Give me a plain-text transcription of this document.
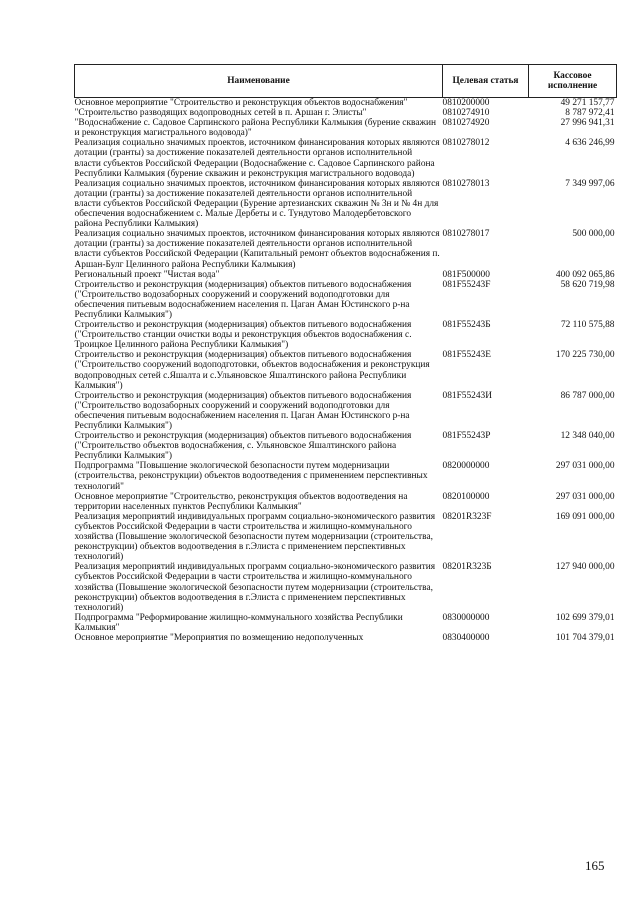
Наименование	Целевая статья	Кассовое исполнение
Основное мероприятие "Строительство и реконструкция объектов водоснабжения"	0810200000	49 271 157,77
"Строительство разводящих водопроводных сетей в п. Аршан г. Элисты"	0810274910	8 787 972,41
"Водоснабжение с. Садовое Сарпинского района Республики Калмыкия (бурение скважин и реконструкция магистрального водовода)"	0810274920	27 996 941,31
Реализация социально значимых проектов, источником финансирования которых являются дотации (гранты) за достижение показателей деятельности органов исполнительной власти субъектов Российской Федерации (Водоснабжение с. Садовое Сарпинского района Республики Калмыкия (бурение скважин и реконструкция магистрального водовода)	0810278012	4 636 246,99
Реализация социально значимых проектов, источником финансирования которых являются дотации (гранты) за достижение показателей деятельности органов исполнительной власти субъектов Российской Федерации (Бурение артезианских скважин № 3н и № 4н для обеспечения водоснабжением с. Малые Дербеты и с. Тундутово Малодербетовского района Республики Калмыкия)	0810278013	7 349 997,06
Реализация социально значимых проектов, источником финансирования которых являются дотации (гранты) за достижение показателей деятельности органов исполнительной власти субъектов Российской Федерации (Капитальный ремонт объектов водоснабжения п. Аршан-Булг Целинного района Республики Калмыкия)	0810278017	500 000,00
Региональный проект "Чистая вода"	081F500000	400 092 065,86
Строительство и реконструкция (модернизация) объектов питьевого водоснабжения ("Строительство водозаборных сооружений и сооружений водоподготовки для обеспечения питьевым водоснабжением населения п. Цаган Аман Юстинского р-на Республики Калмыкия")	081F55243F	58 620 719,98
Строительство и реконструкция (модернизация) объектов питьевого водоснабжения ("Строительство станции очистки воды и реконструкция объектов водоснабжения с. Троицкое Целинного района Республики Калмыкия")	081F55243Б	72 110 575,88
Строительство и реконструкция (модернизация) объектов питьевого водоснабжения ("Строительство сооружений водоподготовки, объектов водоснабжения и реконструкция водопроводных сетей с.Яшалта и с.Ульяновское Яшалтинского района Республики Калмыкия")	081F55243Е	170 225 730,00
Строительство и реконструкция (модернизация) объектов питьевого водоснабжения ("Строительство водозаборных сооружений и сооружений водоподготовки для обеспечения питьевым водоснабжением населения п. Цаган Аман Юстинского р-на Республики Калмыкия")	081F55243И	86 787 000,00
Строительство и реконструкция (модернизация) объектов питьевого водоснабжения ("Строительство объектов водоснабжения, с. Ульяновское Яшалтинского района Республики Калмыкия")	081F55243Р	12 348 040,00
Подпрограмма "Повышение экологической безопасности путем модернизации (строительства, реконструкции) объектов водоотведения с применением перспективных технологий"	0820000000	297 031 000,00
Основное мероприятие "Строительство, реконструкция объектов водоотведения на территории населенных пунктов Республики Калмыкия"	0820100000	297 031 000,00
Реализация мероприятий индивидуальных программ социально-экономического развития субъектов Российской Федерации в части строительства и жилищно-коммунального хозяйства (Повышение экологической безопасности путем модернизации (строительства, реконструкции) объектов водоотведения в г.Элиста с применением перспективных технологий)	08201R323F	169 091 000,00
Реализация мероприятий индивидуальных программ социально-экономического развития субъектов Российской Федерации в части строительства и жилищно-коммунального хозяйства (Повышение экологической безопасности путем модернизации (строительства, реконструкции) объектов водоотведения в г.Элиста с применением перспективных технологий)	08201R323Б	127 940 000,00
Подпрограмма "Реформирование жилищно-коммунального хозяйства Республики Калмыкия"	0830000000	102 699 379,01
Основное мероприятие "Мероприятия по возмещению недополученных	0830400000	101 704 379,01
165
